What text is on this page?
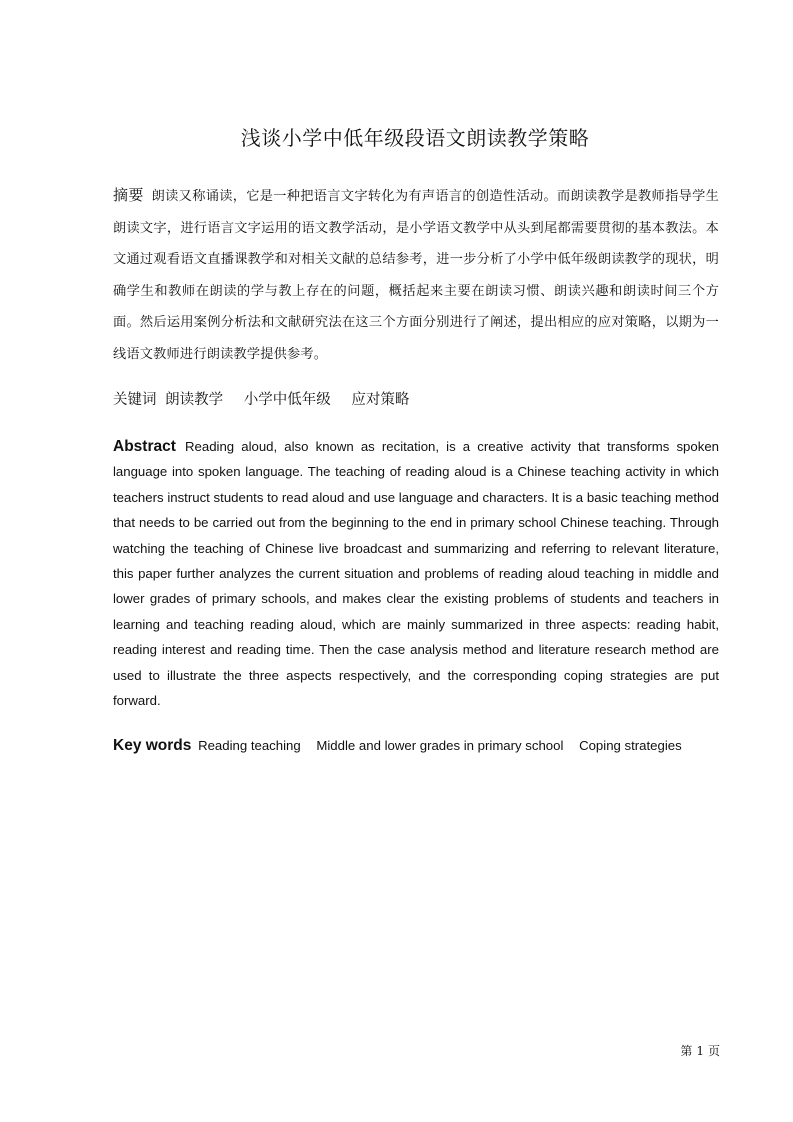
浅谈小学中低年级段语文朗读教学策略
摘要 朗读又称诵读，它是一种把语言文字转化为有声语言的创造性活动。而朗读教学是教师指导学生朗读文字，进行语言文字运用的语文教学活动，是小学语文教学中从头到尾都需要贯彻的基本教法。本文通过观看语文直播课教学和对相关文献的总结参考，进一步分析了小学中低年级朗读教学的现状，明确学生和教师在朗读的学与教上存在的问题，概括起来主要在朗读习惯、朗读兴趣和朗读时间三个方面。然后运用案例分析法和文献研究法在这三个方面分别进行了阐述，提出相应的应对策略，以期为一线语文教师进行朗读教学提供参考。
关键词 朗读教学 小学中低年级 应对策略
Abstract Reading aloud, also known as recitation, is a creative activity that transforms spoken language into spoken language. The teaching of reading aloud is a Chinese teaching activity in which teachers instruct students to read aloud and use language and characters. It is a basic teaching method that needs to be carried out from the beginning to the end in primary school Chinese teaching. Through watching the teaching of Chinese live broadcast and summarizing and referring to relevant literature, this paper further analyzes the current situation and problems of reading aloud teaching in middle and lower grades of primary schools, and makes clear the existing problems of students and teachers in learning and teaching reading aloud, which are mainly summarized in three aspects: reading habit, reading interest and reading time. Then the case analysis method and literature research method are used to illustrate the three aspects respectively, and the corresponding coping strategies are put forward.
Key words Reading teaching Middle and lower grades in primary school Coping strategies
第 1 页
